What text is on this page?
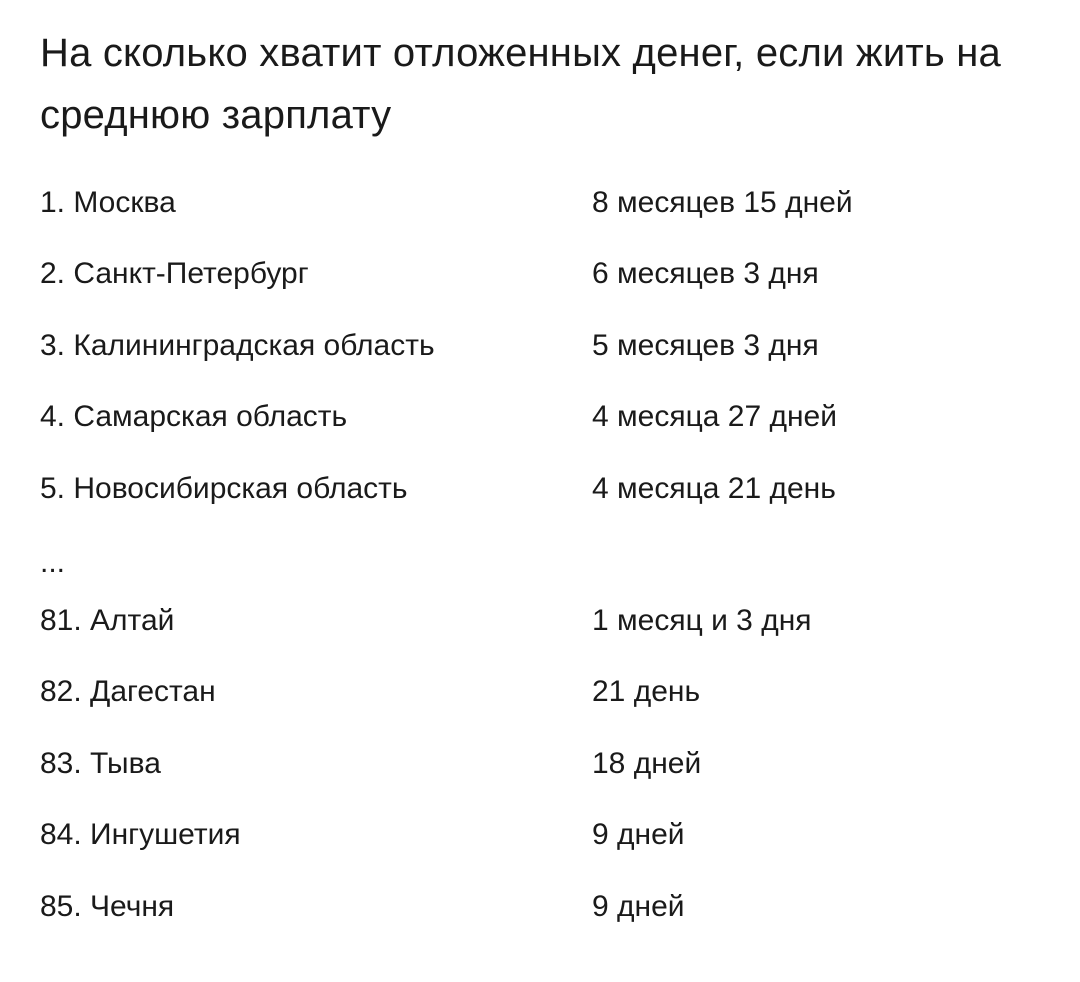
На сколько хватит отложенных денег, если жить на среднюю зарплату
1. Москва	8 месяцев 15 дней
2. Санкт-Петербург	6 месяцев 3 дня
3. Калининградская область	5 месяцев 3 дня
4. Самарская область	4 месяца 27 дней
5. Новосибирская область	4 месяца 21 день
...
81. Алтай	1 месяц и 3 дня
82. Дагестан	21 день
83. Тыва	18 дней
84. Ингушетия	9 дней
85. Чечня	9 дней
